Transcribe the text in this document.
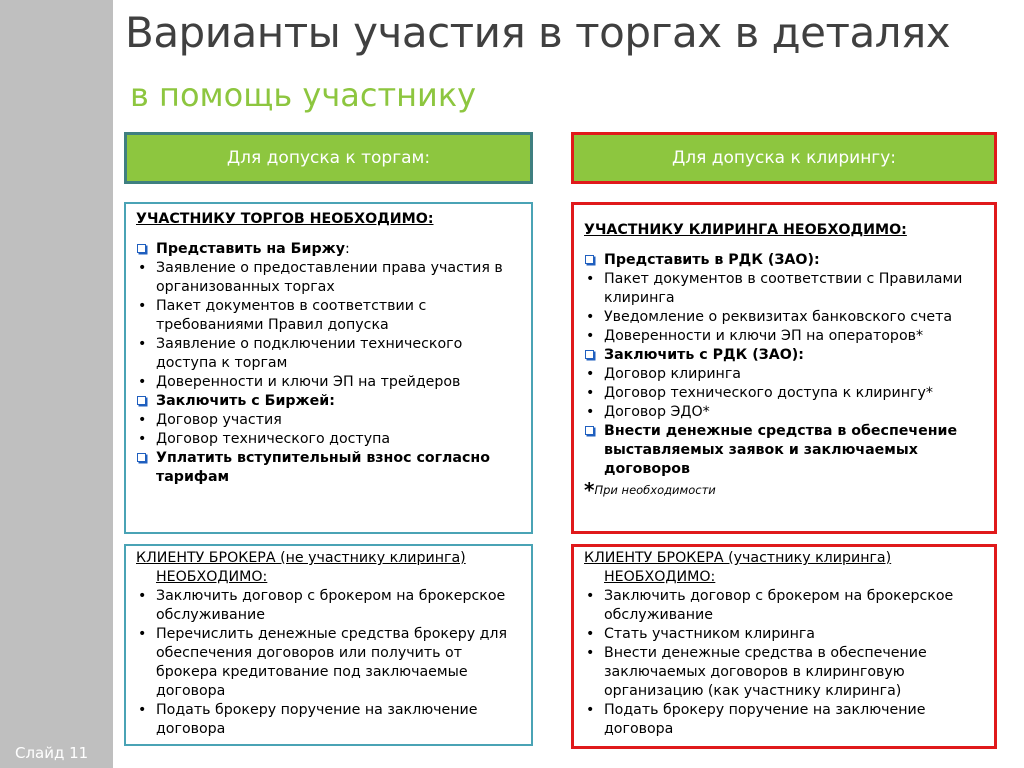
Слайд 11
Варианты участия в торгах в деталях
в помощь участнику
Для допуска к торгам:	Для допуска к клирингу:
УЧАСТНИКУ ТОРГОВ НЕОБХОДИМО:
Представить на Биржу:
• Заявление о предоставлении права участия в организованных торгах
• Пакет документов в соответствии с требованиями Правил допуска
• Заявление о подключении технического доступа к торгам
• Доверенности и ключи ЭП на трейдеров
Заключить с Биржей:
• Договор участия
• Договор технического доступа
Уплатить вступительный взнос согласно тарифам
УЧАСТНИКУ КЛИРИНГА НЕОБХОДИМО:
Представить в РДК (ЗАО):
• Пакет документов в соответствии с Правилами клиринга
• Уведомление о реквизитах банковского счета
• Доверенности и ключи ЭП на операторов*
Заключить с РДК (ЗАО):
• Договор клиринга
• Договор технического доступа к клирингу*
• Договор ЭДО*
Внести денежные средства в обеспечение выставляемых заявок и заключаемых договоров
*При необходимости
КЛИЕНТУ БРОКЕРА (не участнику клиринга)
НЕОБХОДИМО:
• Заключить договор с брокером на брокерское обслуживание
• Перечислить денежные средства брокеру для обеспечения договоров или получить от брокера кредитование под заключаемые договора
• Подать брокеру поручение на заключение договора
КЛИЕНТУ БРОКЕРА (участнику клиринга)
НЕОБХОДИМО:
• Заключить договор с брокером на брокерское обслуживание
• Стать участником клиринга
• Внести денежные средства в обеспечение заключаемых договоров в клиринговую организацию (как участнику клиринга)
• Подать брокеру поручение на заключение договора
